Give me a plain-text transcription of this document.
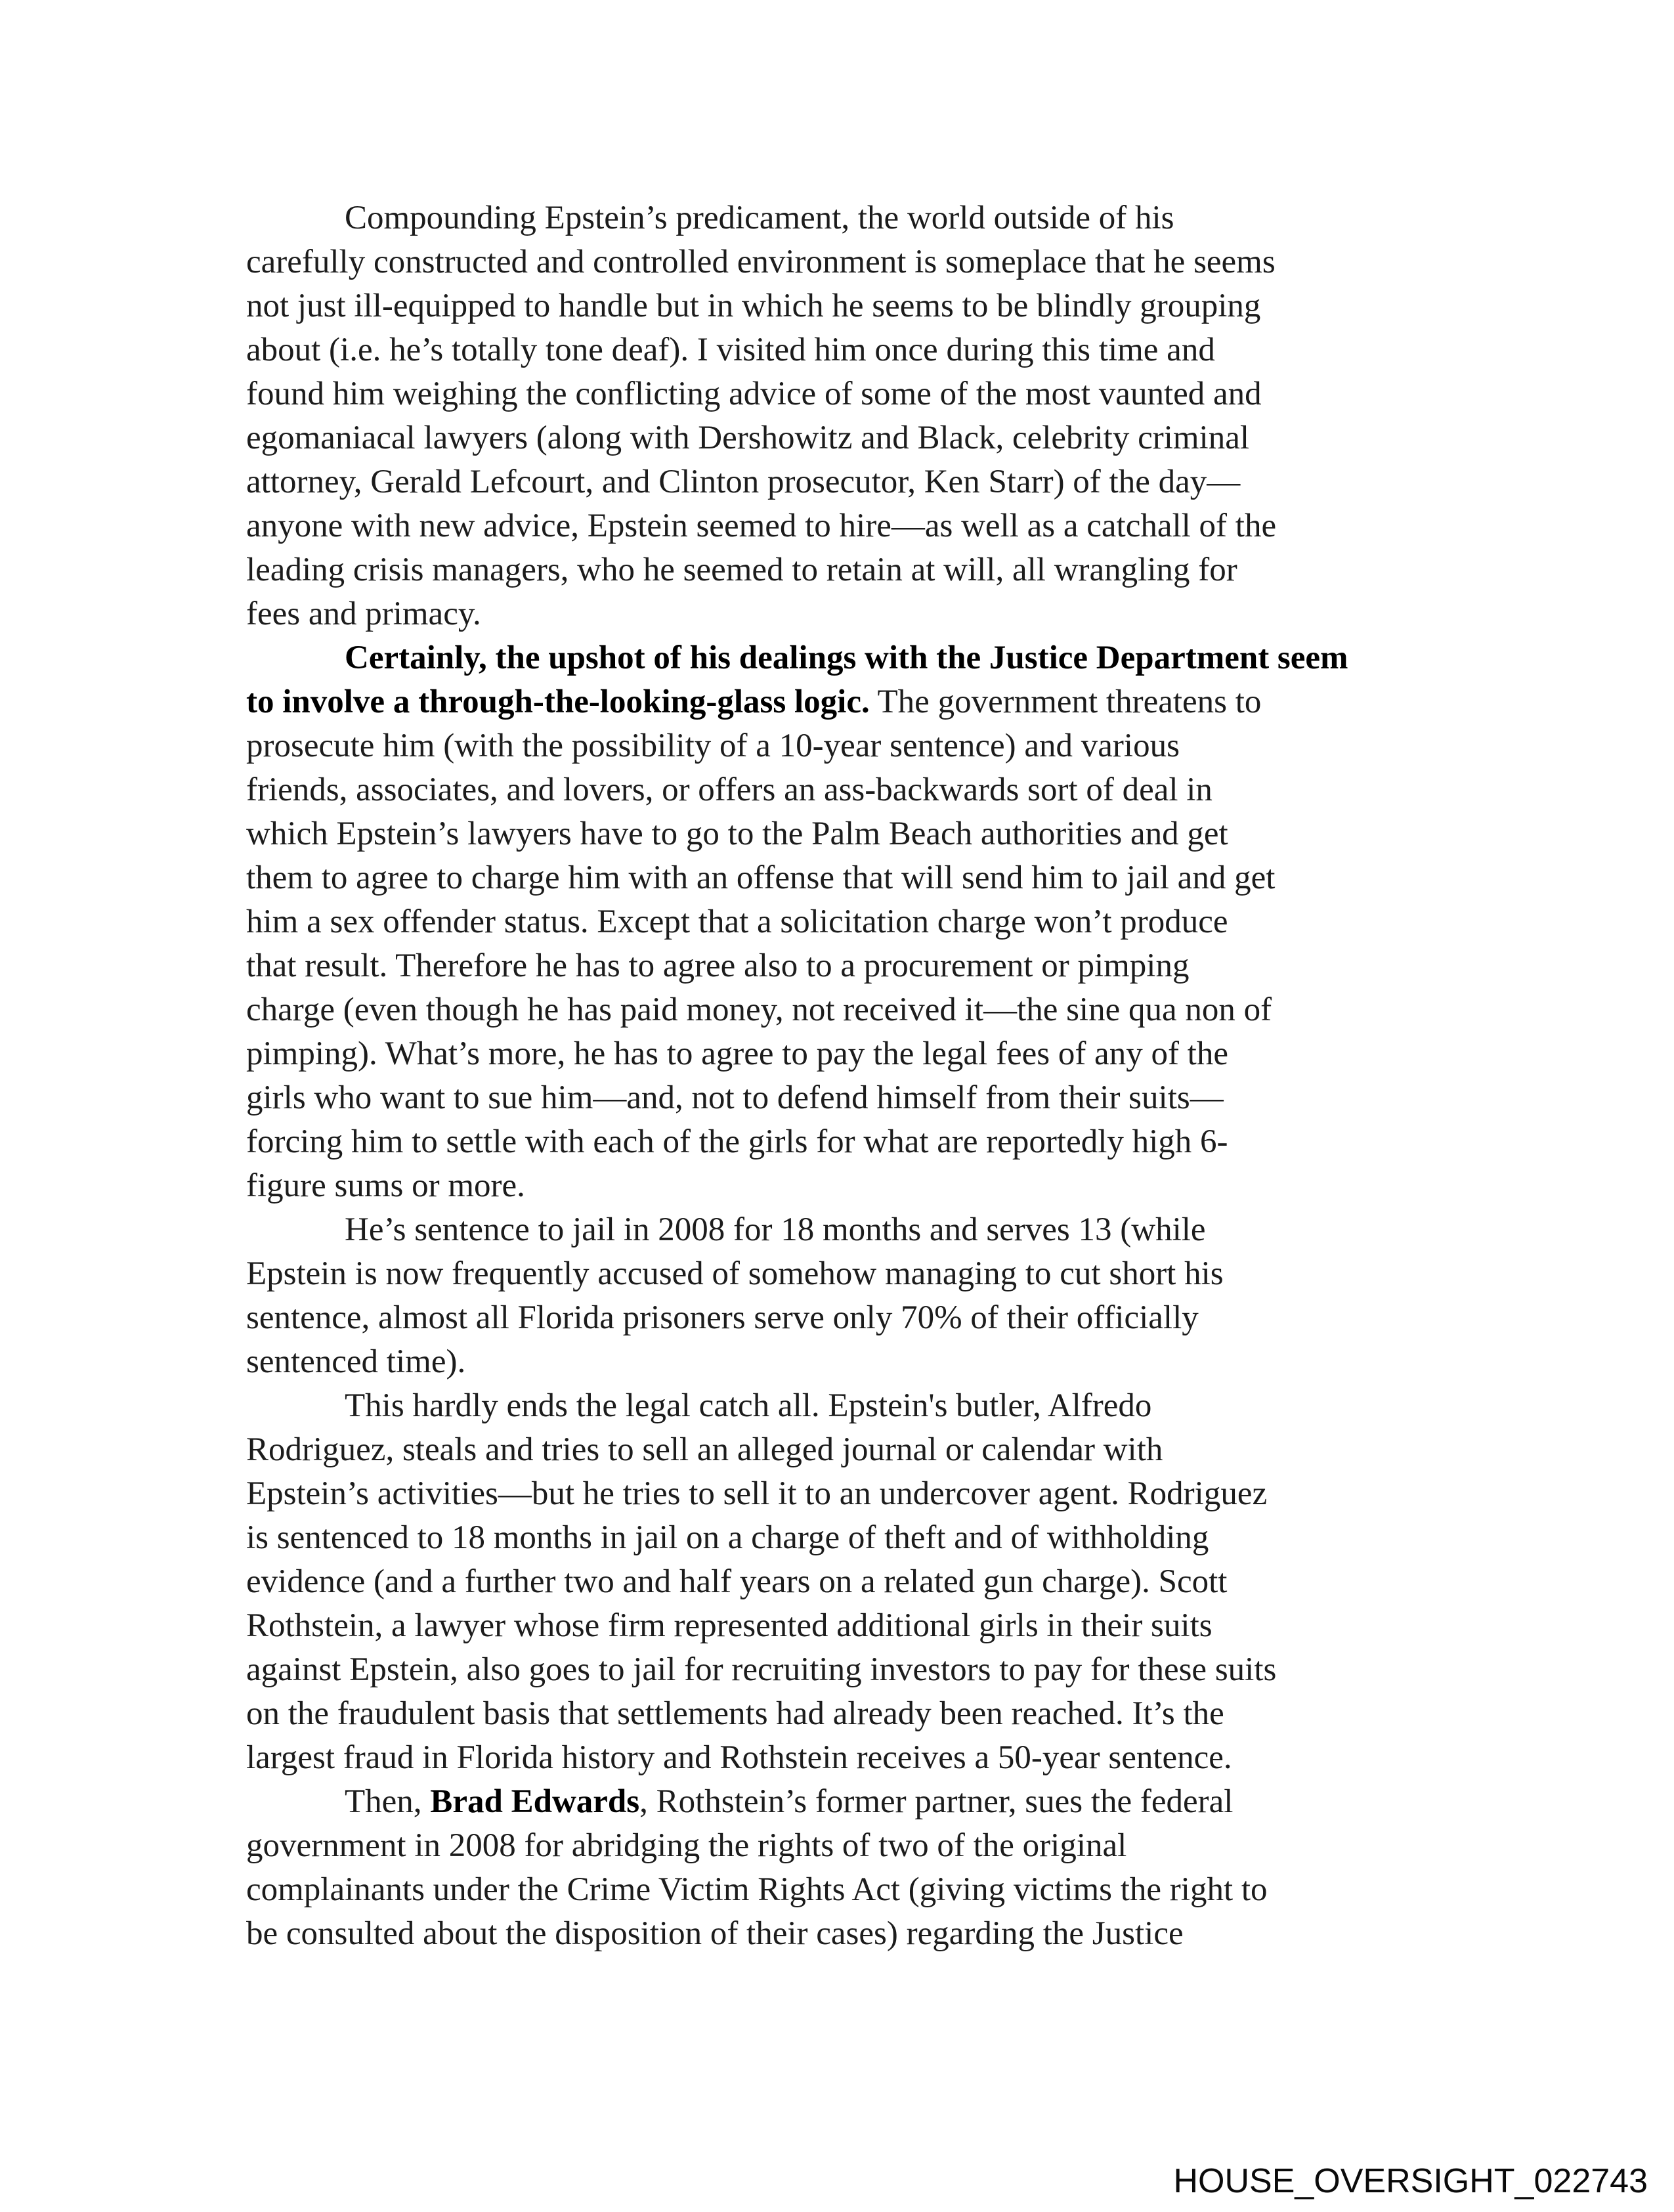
Compounding Epstein’s predicament, the world outside of his
carefully constructed and controlled environment is someplace that he seems
not just ill-equipped to handle but in which he seems to be blindly grouping
about (i.e. he’s totally tone deaf). I visited him once during this time and
found him weighing the conflicting advice of some of the most vaunted and
egomaniacal lawyers (along with Dershowitz and Black, celebrity criminal
attorney, Gerald Lefcourt, and Clinton prosecutor, Ken Starr) of the day—
anyone with new advice, Epstein seemed to hire—as well as a catchall of the
leading crisis managers, who he seemed to retain at will, all wrangling for
fees and primacy.
Certainly, the upshot of his dealings with the Justice Department seem
to involve a through-the-looking-glass logic. The government threatens to
prosecute him (with the possibility of a 10-year sentence) and various
friends, associates, and lovers, or offers an ass-backwards sort of deal in
which Epstein’s lawyers have to go to the Palm Beach authorities and get
them to agree to charge him with an offense that will send him to jail and get
him a sex offender status. Except that a solicitation charge won’t produce
that result. Therefore he has to agree also to a procurement or pimping
charge (even though he has paid money, not received it—the sine qua non of
pimping). What’s more, he has to agree to pay the legal fees of any of the
girls who want to sue him—and, not to defend himself from their suits—
forcing him to settle with each of the girls for what are reportedly high 6-
figure sums or more.
He’s sentence to jail in 2008 for 18 months and serves 13 (while
Epstein is now frequently accused of somehow managing to cut short his
sentence, almost all Florida prisoners serve only 70% of their officially
sentenced time).
This hardly ends the legal catch all. Epstein's butler, Alfredo
Rodriguez, steals and tries to sell an alleged journal or calendar with
Epstein’s activities—but he tries to sell it to an undercover agent. Rodriguez
is sentenced to 18 months in jail on a charge of theft and of withholding
evidence (and a further two and half years on a related gun charge). Scott
Rothstein, a lawyer whose firm represented additional girls in their suits
against Epstein, also goes to jail for recruiting investors to pay for these suits
on the fraudulent basis that settlements had already been reached. It’s the
largest fraud in Florida history and Rothstein receives a 50-year sentence.
Then, Brad Edwards, Rothstein’s former partner, sues the federal
government in 2008 for abridging the rights of two of the original
complainants under the Crime Victim Rights Act (giving victims the right to
be consulted about the disposition of their cases) regarding the Justice
HOUSE_OVERSIGHT_022743
